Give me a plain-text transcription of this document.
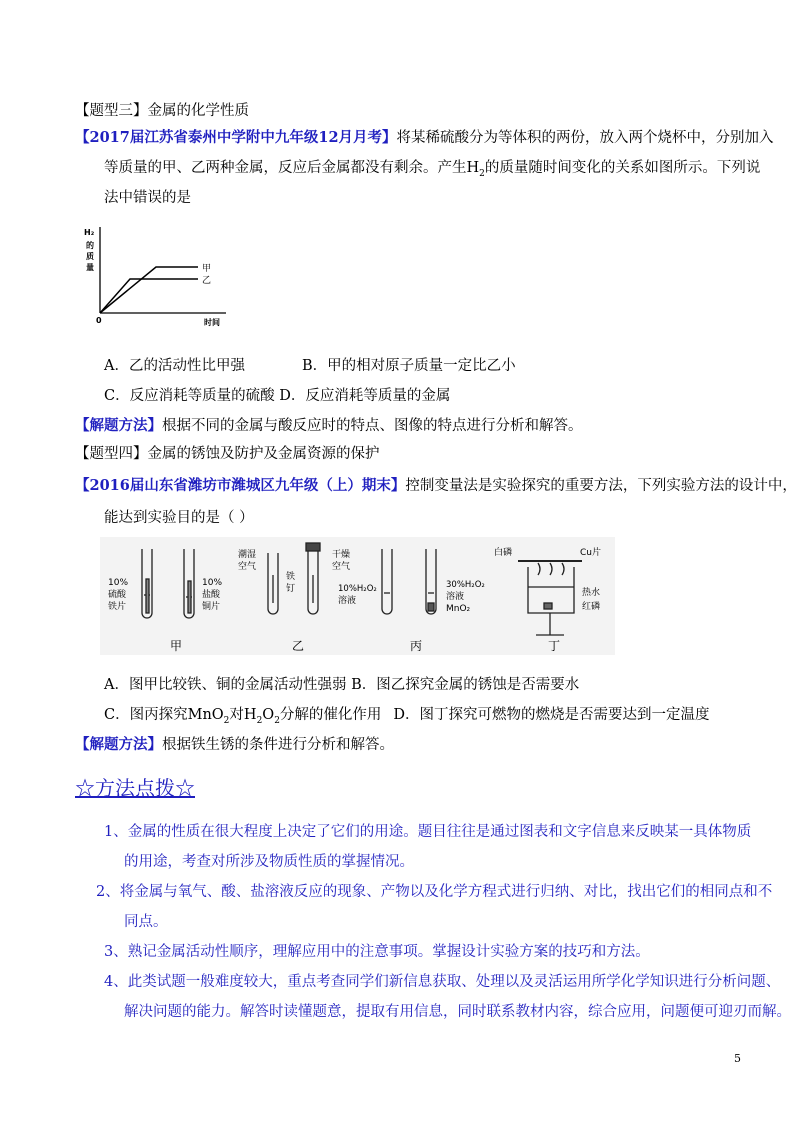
【题型三】金属的化学性质
【2017届江苏省泰州中学附中九年级12月月考】将某稀硫酸分为等体积的两份，放入两个烧杯中，分别加入
等质量的甲、乙两种金属，反应后金属都没有剩余。产生$H_2$的质量随时间变化的关系如图所示。下列说
法中错误的是
H₂
的
质
量	甲
乙
0	时间
A．乙的活动性比甲强	B．甲的相对原子质量一定比乙小
C．反应消耗等质量的硫酸 D．反应消耗等质量的金属
【解题方法】根据不同的金属与酸反应时的特点、图像的特点进行分析和解答。
【题型四】金属的锈蚀及防护及金属资源的保护
【2016届山东省潍坊市潍城区九年级（上）期末】控制变量法是实验探究的重要方法，下列实验方法的设计中，
能达到实验目的是（ ）
10%
硫酸
铁片
10%
盐酸
铜片
潮湿
空气
铁
钉
干燥
空气
10%H₂O₂
溶液
30%H₂O₂
溶液
MnO₂
白磷	Cu片
热水
红磷
甲	乙	丙	丁
A．图甲比较铁、铜的金属活动性强弱 B．图乙探究金属的锈蚀是否需要水
C．图丙探究MnO$_2$对$H_2O_2$分解的催化作用 D．图丁探究可燃物的燃烧是否需要达到一定温度
【解题方法】根据铁生锈的条件进行分析和解答。
☆方法点拨☆
1、金属的性质在很大程度上决定了它们的用途。题目往往是通过图表和文字信息来反映某一具体物质
的用途，考查对所涉及物质性质的掌握情况。
2、将金属与氧气、酸、盐溶液反应的现象、产物以及化学方程式进行归纳、对比，找出它们的相同点和不
同点。
3、熟记金属活动性顺序，理解应用中的注意事项。掌握设计实验方案的技巧和方法。
4、此类试题一般难度较大，重点考查同学们新信息获取、处理以及灵活运用所学化学知识进行分析问题、
解决问题的能力。解答时读懂题意，提取有用信息，同时联系教材内容，综合应用，问题便可迎刃而解。
5
